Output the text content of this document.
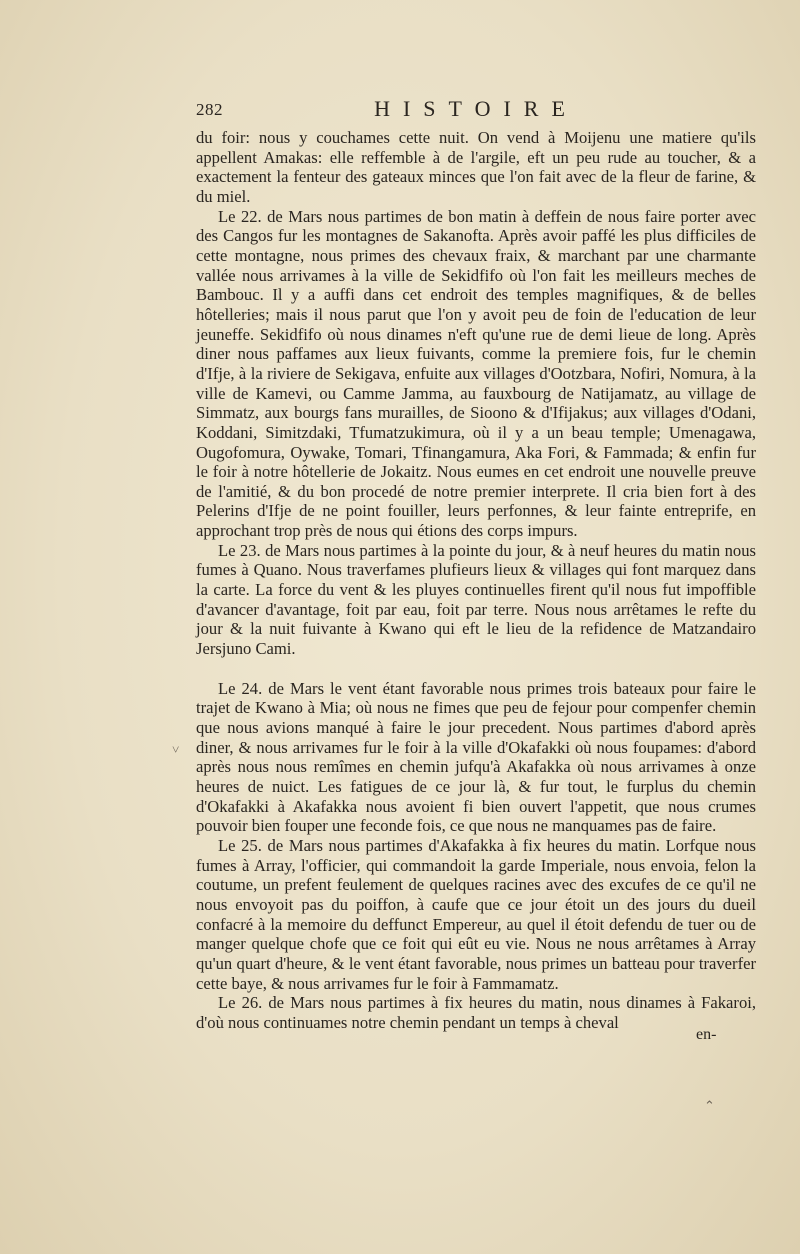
282	HISTOIRE

du foir: nous y couchames cette nuit. On vend à Moijenu une matiere qu'ils appellent Amakas: elle reffemble à de l'argile, eft un peu rude au toucher, & a exactement la fenteur des gateaux minces que l'on fait avec de la fleur de farine, & du miel.

Le 22. de Mars nous partimes de bon matin à deffein de nous faire porter avec des Cangos fur les montagnes de Sakanofta. Après avoir paffé les plus difficiles de cette montagne, nous primes des chevaux fraix, & marchant par une charmante vallée nous arrivames à la ville de Sekidfifo où l'on fait les meilleurs meches de Bambouc. Il y a auffi dans cet endroit des temples magnifiques, & de belles hôtelleries; mais il nous parut que l'on y avoit peu de foin de l'education de leur jeuneffe. Sekidfifo où nous dinames n'eft qu'une rue de demi lieue de long. Après diner nous paffames aux lieux fuivants, comme la premiere fois, fur le chemin d'Ifje, à la riviere de Sekigava, enfuite aux villages d'Ootzbara, Nofiri, Nomura, à la ville de Kamevi, ou Camme Jamma, au fauxbourg de Natijamatz, au village de Simmatz, aux bourgs fans murailles, de Sioono & d'Ifijakus; aux villages d'Odani, Koddani, Simitzdaki, Tfumatzukimura, où il y a un beau temple; Umenagawa, Ougofomura, Oywake, Tomari, Tfinangamura, Aka Fori, & Fammada; & enfin fur le foir à notre hôtellerie de Jokaitz. Nous eumes en cet endroit une nouvelle preuve de l'amitié, & du bon procedé de notre premier interprete. Il cria bien fort à des Pelerins d'Ifje de ne point fouiller, leurs perfonnes, & leur fainte entreprife, en approchant trop près de nous qui étions des corps impurs.

Le 23. de Mars nous partimes à la pointe du jour, & à neuf heures du matin nous fumes à Quano. Nous traverfames plufieurs lieux & villages qui font marquez dans la carte. La force du vent & les pluyes continuelles firent qu'il nous fut impoffible d'avancer d'avantage, foit par eau, foit par terre. Nous nous arrêtames le refte du jour & la nuit fuivante à Kwano qui eft le lieu de la refidence de Matzandairo Jersjuno Cami.

Le 24. de Mars le vent étant favorable nous primes trois bateaux pour faire le trajet de Kwano à Mia; où nous ne fimes que peu de fejour pour compenfer chemin que nous avions manqué à faire le jour precedent. Nous partimes d'abord après diner, & nous arrivames fur le foir à la ville d'Okafakki où nous foupames: d'abord après nous nous remîmes en chemin jufqu'à Akafakka où nous arrivames à onze heures de nuict. Les fatigues de ce jour là, & fur tout, le furplus du chemin d'Okafakki à Akafakka nous avoient fi bien ouvert l'appetit, que nous crumes pouvoir bien fouper une feconde fois, ce que nous ne manquames pas de faire.

Le 25. de Mars nous partimes d'Akafakka à fix heures du matin. Lorfque nous fumes à Array, l'officier, qui commandoit la garde Imperiale, nous envoia, felon la coutume, un prefent feulement de quelques racines avec des excufes de ce qu'il ne nous envoyoit pas du poiffon, à caufe que ce jour étoit un des jours du dueil confacré à la memoire du deffunct Empereur, au quel il étoit defendu de tuer ou de manger quelque chofe que ce foit qui eût eu vie. Nous ne nous arrêtames à Array qu'un quart d'heure, & le vent étant favorable, nous primes un batteau pour traverfer cette baye, & nous arrivames fur le foir à Fammamatz.

Le 26. de Mars nous partimes à fix heures du matin, nous dinames à Fakaroi, d'où nous continuames notre chemin pendant un temps à cheval

en-
˅
⌃
